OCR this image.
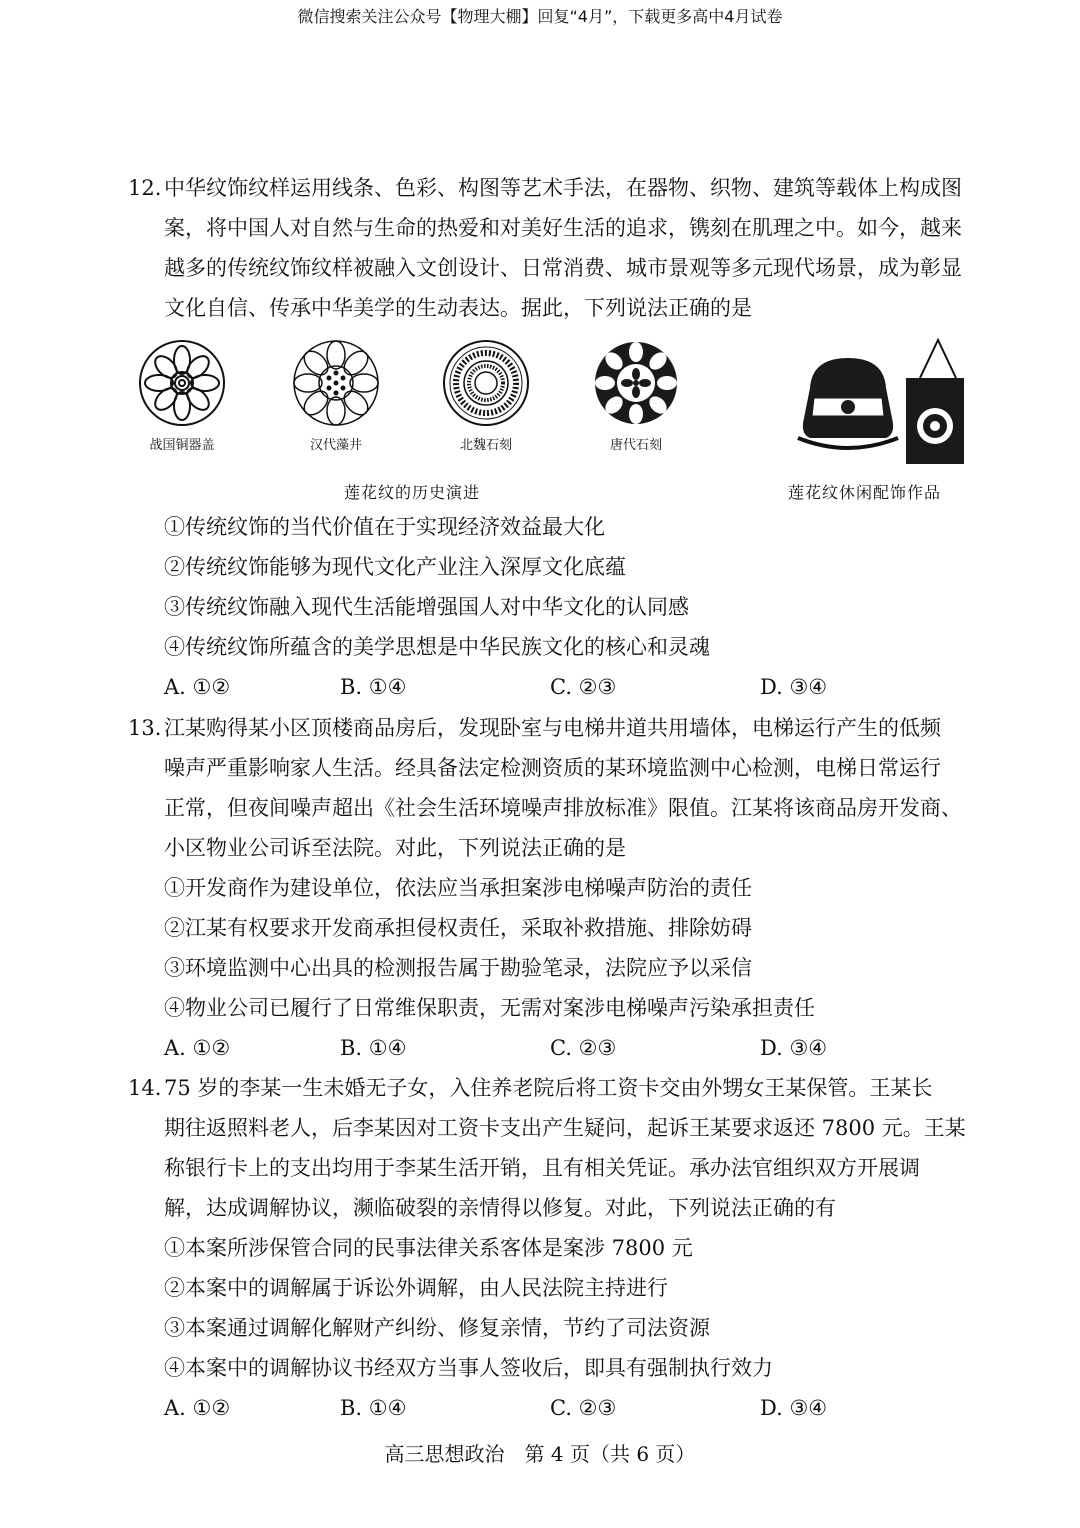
微信搜索关注公众号【物理大棚】回复“4月”，下载更多高中4月试卷
12. 中华纹饰纹样运用线条、色彩、构图等艺术手法，在器物、织物、建筑等载体上构成图
案，将中国人对自然与生命的热爱和对美好生活的追求，镌刻在肌理之中。如今，越来
越多的传统纹饰纹样被融入文创设计、日常消费、城市景观等多元现代场景，成为彰显
文化自信、传承中华美学的生动表达。据此，下列说法正确的是
战国铜器盖	汉代藻井	北魏石刻	唐代石刻
莲花纹的历史演进	莲花纹休闲配饰作品
①传统纹饰的当代价值在于实现经济效益最大化
②传统纹饰能够为现代文化产业注入深厚文化底蕴
③传统纹饰融入现代生活能增强国人对中华文化的认同感
④传统纹饰所蕴含的美学思想是中华民族文化的核心和灵魂
A. ①②	B. ①④	C. ②③	D. ③④
13. 江某购得某小区顶楼商品房后，发现卧室与电梯井道共用墙体，电梯运行产生的低频
噪声严重影响家人生活。经具备法定检测资质的某环境监测中心检测，电梯日常运行
正常，但夜间噪声超出《社会生活环境噪声排放标准》限值。江某将该商品房开发商、
小区物业公司诉至法院。对此，下列说法正确的是
①开发商作为建设单位，依法应当承担案涉电梯噪声防治的责任
②江某有权要求开发商承担侵权责任，采取补救措施、排除妨碍
③环境监测中心出具的检测报告属于勘验笔录，法院应予以采信
④物业公司已履行了日常维保职责，无需对案涉电梯噪声污染承担责任
A. ①②	B. ①④	C. ②③	D. ③④
14. 75 岁的李某一生未婚无子女，入住养老院后将工资卡交由外甥女王某保管。王某长
期往返照料老人，后李某因对工资卡支出产生疑问，起诉王某要求返还 7800 元。王某
称银行卡上的支出均用于李某生活开销，且有相关凭证。承办法官组织双方开展调
解，达成调解协议，濒临破裂的亲情得以修复。对此，下列说法正确的有
①本案所涉保管合同的民事法律关系客体是案涉 7800 元
②本案中的调解属于诉讼外调解，由人民法院主持进行
③本案通过调解化解财产纠纷、修复亲情，节约了司法资源
④本案中的调解协议书经双方当事人签收后，即具有强制执行效力
A. ①②	B. ①④	C. ②③	D. ③④
高三思想政治　第 4 页（共 6 页）
